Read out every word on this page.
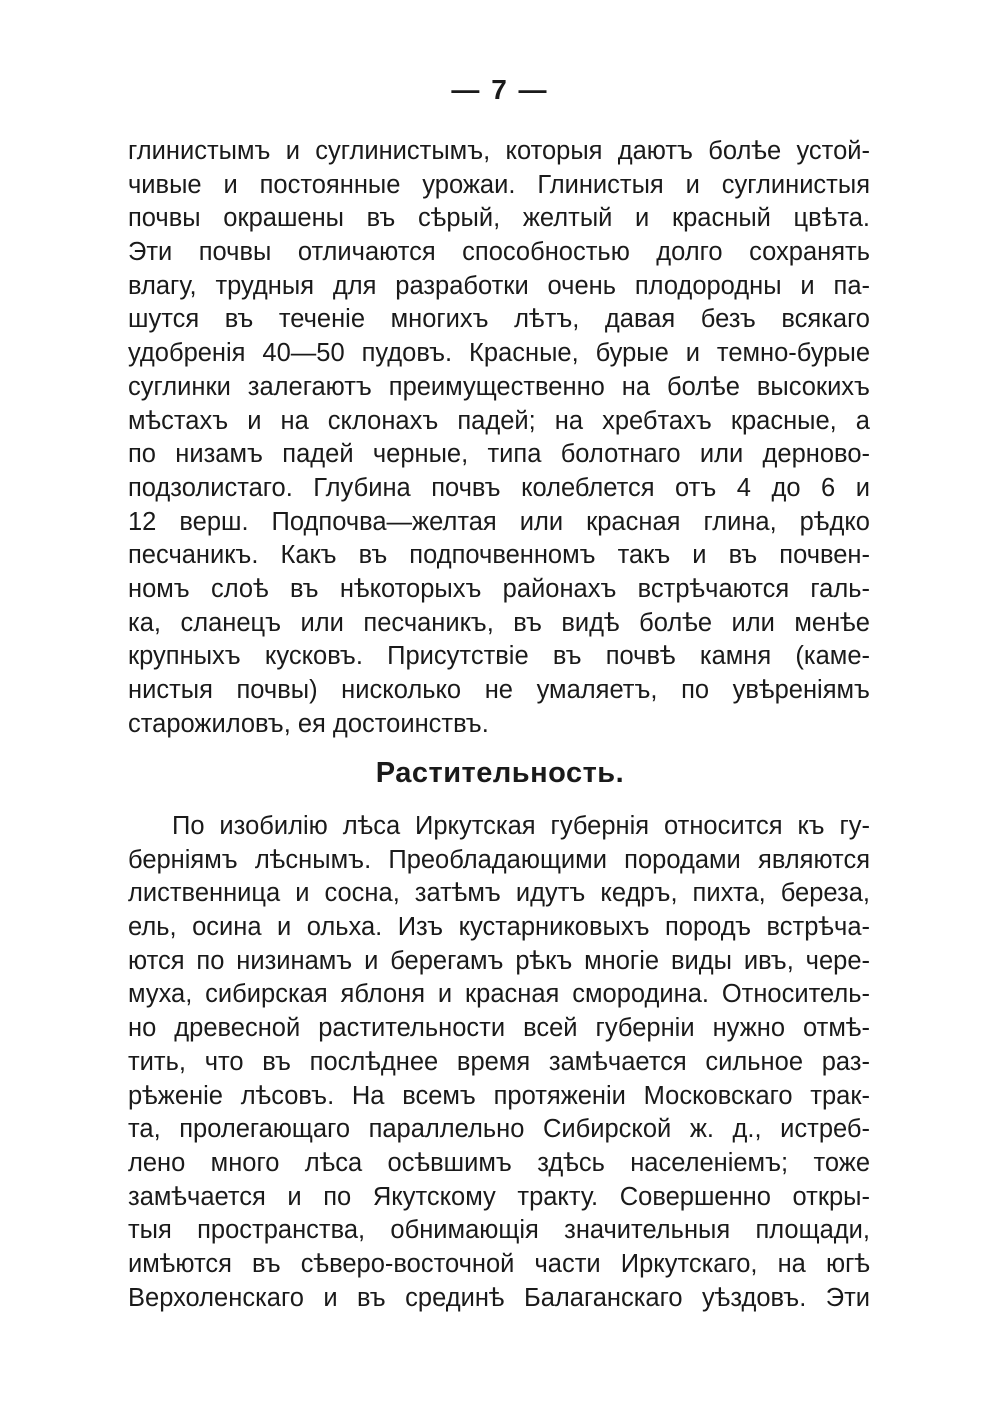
— 7 —
глинистымъ и суглинистымъ, которыя даютъ болѣе устой-
чивые и постоянные урожаи. Глинистыя и суглинистыя
почвы окрашены въ сѣрый, желтый и красный цвѣта.
Эти почвы отличаются способностью долго сохранять
влагу, трудныя для разработки очень плодородны и па-
шутся въ теченіе многихъ лѣтъ, давая безъ всякаго
удобренія 40—50 пудовъ. Красные, бурые и темно-бурые
суглинки залегаютъ преимущественно на болѣе высокихъ
мѣстахъ и на склонахъ падей; на хребтахъ красные, а
по низамъ падей черные, типа болотнаго или дерново-
подзолистаго. Глубина почвъ колеблется отъ 4 до 6 и
12 верш. Подпочва—желтая или красная глина, рѣдко
песчаникъ. Какъ въ подпочвенномъ такъ и въ почвен-
номъ слоѣ въ нѣкоторыхъ районахъ встрѣчаются галь-
ка, сланецъ или песчаникъ, въ видѣ болѣе или менѣе
крупныхъ кусковъ. Присутствіе въ почвѣ камня (каме-
нистыя почвы) нисколько не умаляетъ, по увѣреніямъ
старожиловъ, ея достоинствъ.
Растительность.
По изобилію лѣса Иркутская губернія относится къ гу-
берніямъ лѣснымъ. Преобладающими породами являются
лиственница и сосна, затѣмъ идутъ кедръ, пихта, береза,
ель, осина и ольха. Изъ кустарниковыхъ породъ встрѣча-
ются по низинамъ и берегамъ рѣкъ многіе виды ивъ, чере-
муха, сибирская яблоня и красная смородина. Относитель-
но древесной растительности всей губерніи нужно отмѣ-
тить, что въ послѣднее время замѣчается сильное раз-
рѣженіе лѣсовъ. На всемъ протяженіи Московскаго трак-
та, пролегающаго параллельно Сибирской ж. д., истреб-
лено много лѣса осѣвшимъ здѣсь населеніемъ; тоже
замѣчается и по Якутскому тракту. Совершенно откры-
тыя пространства, обнимающія значительныя площади,
имѣются въ сѣверо-восточной части Иркутскаго, на югѣ
Верхоленскаго и въ срединѣ Балаганскаго уѣздовъ. Эти
